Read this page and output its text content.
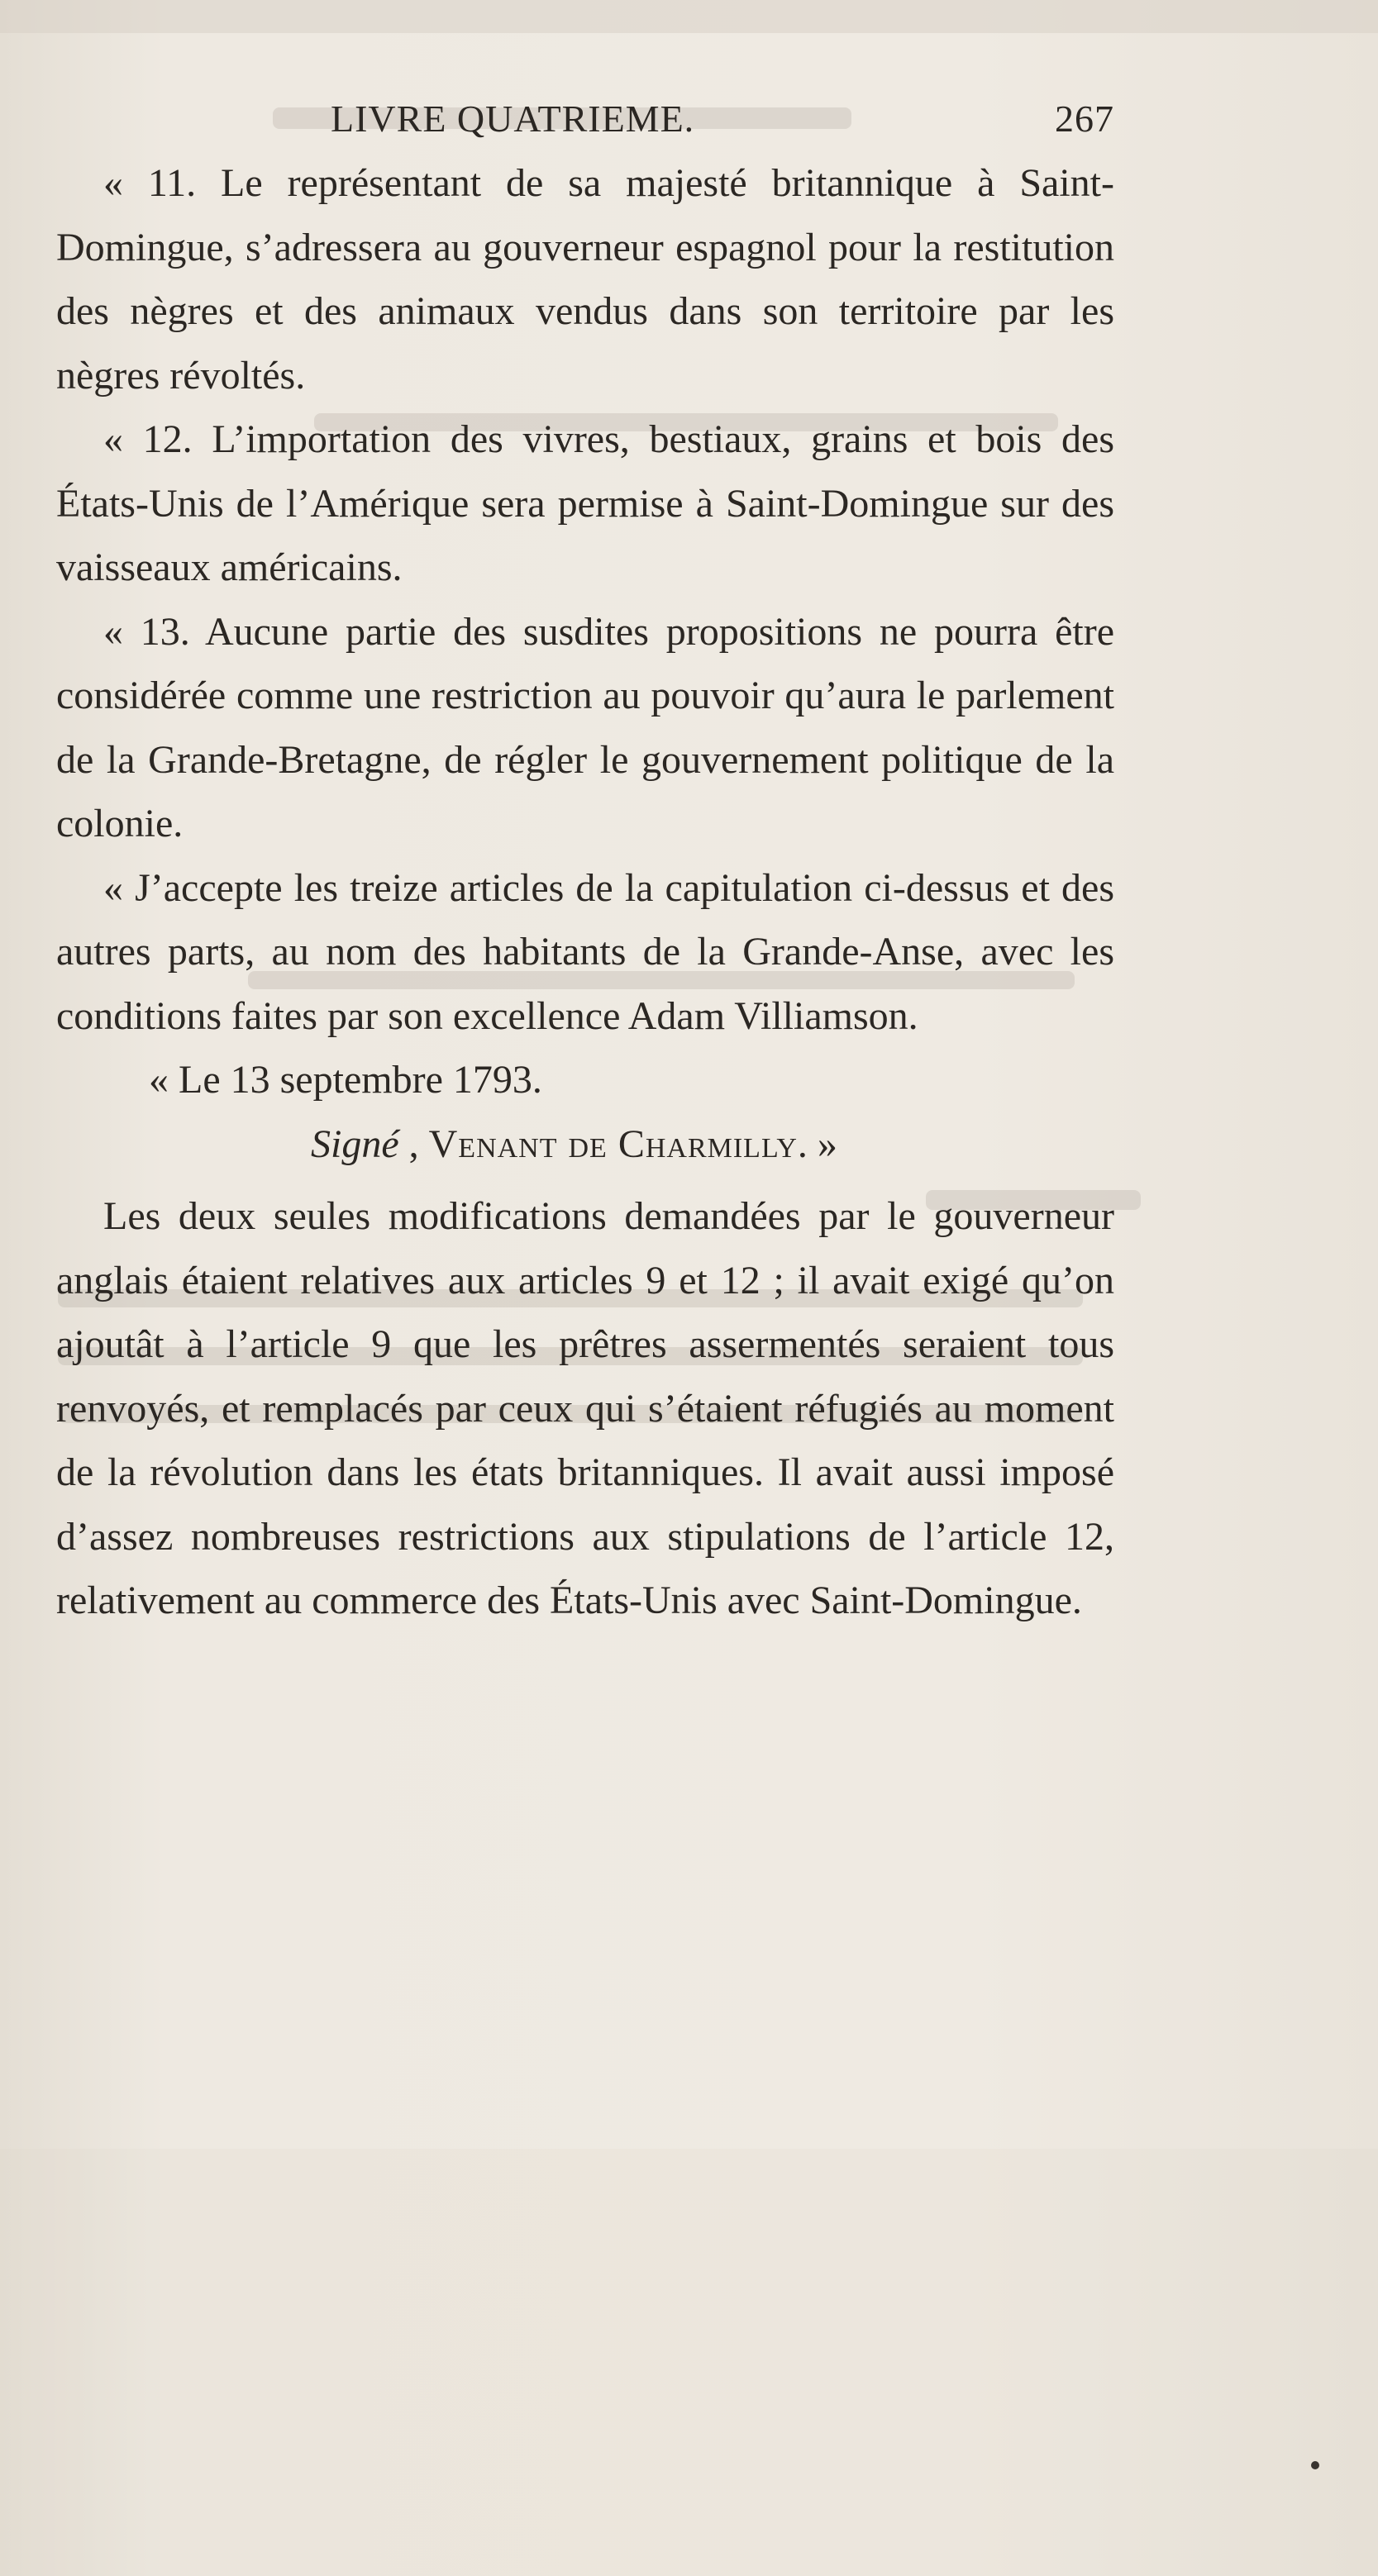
LIVRE QUATRIEME.	267

« 11. Le représentant de sa majesté britannique à Saint-Domingue, s’adressera au gouverneur espagnol pour la restitution des nègres et des animaux vendus dans son territoire par les nègres révoltés.

« 12. L’importation des vivres, bestiaux, grains et bois des États-Unis de l’Amérique sera permise à Saint-Domingue sur des vaisseaux américains.

« 13. Aucune partie des susdites propositions ne pourra être considérée comme une restriction au pouvoir qu’aura le parlement de la Grande-Bretagne, de régler le gouvernement politique de la colonie.

« J’accepte les treize articles de la capitulation ci-dessus et des autres parts, au nom des habitants de la Grande-Anse, avec les conditions faites par son excellence Adam Villiamson.

« Le 13 septembre 1793.

Signé , Venant de Charmilly. »

Les deux seules modifications demandées par le gouverneur anglais étaient relatives aux articles 9 et 12 ; il avait exigé qu’on ajoutât à l’article 9 que les prêtres assermentés seraient tous renvoyés, et remplacés par ceux qui s’étaient réfugiés au moment de la révolution dans les états britanniques. Il avait aussi imposé d’assez nombreuses restrictions aux stipulations de l’article 12, relativement au commerce des États-Unis avec Saint-Domingue.
